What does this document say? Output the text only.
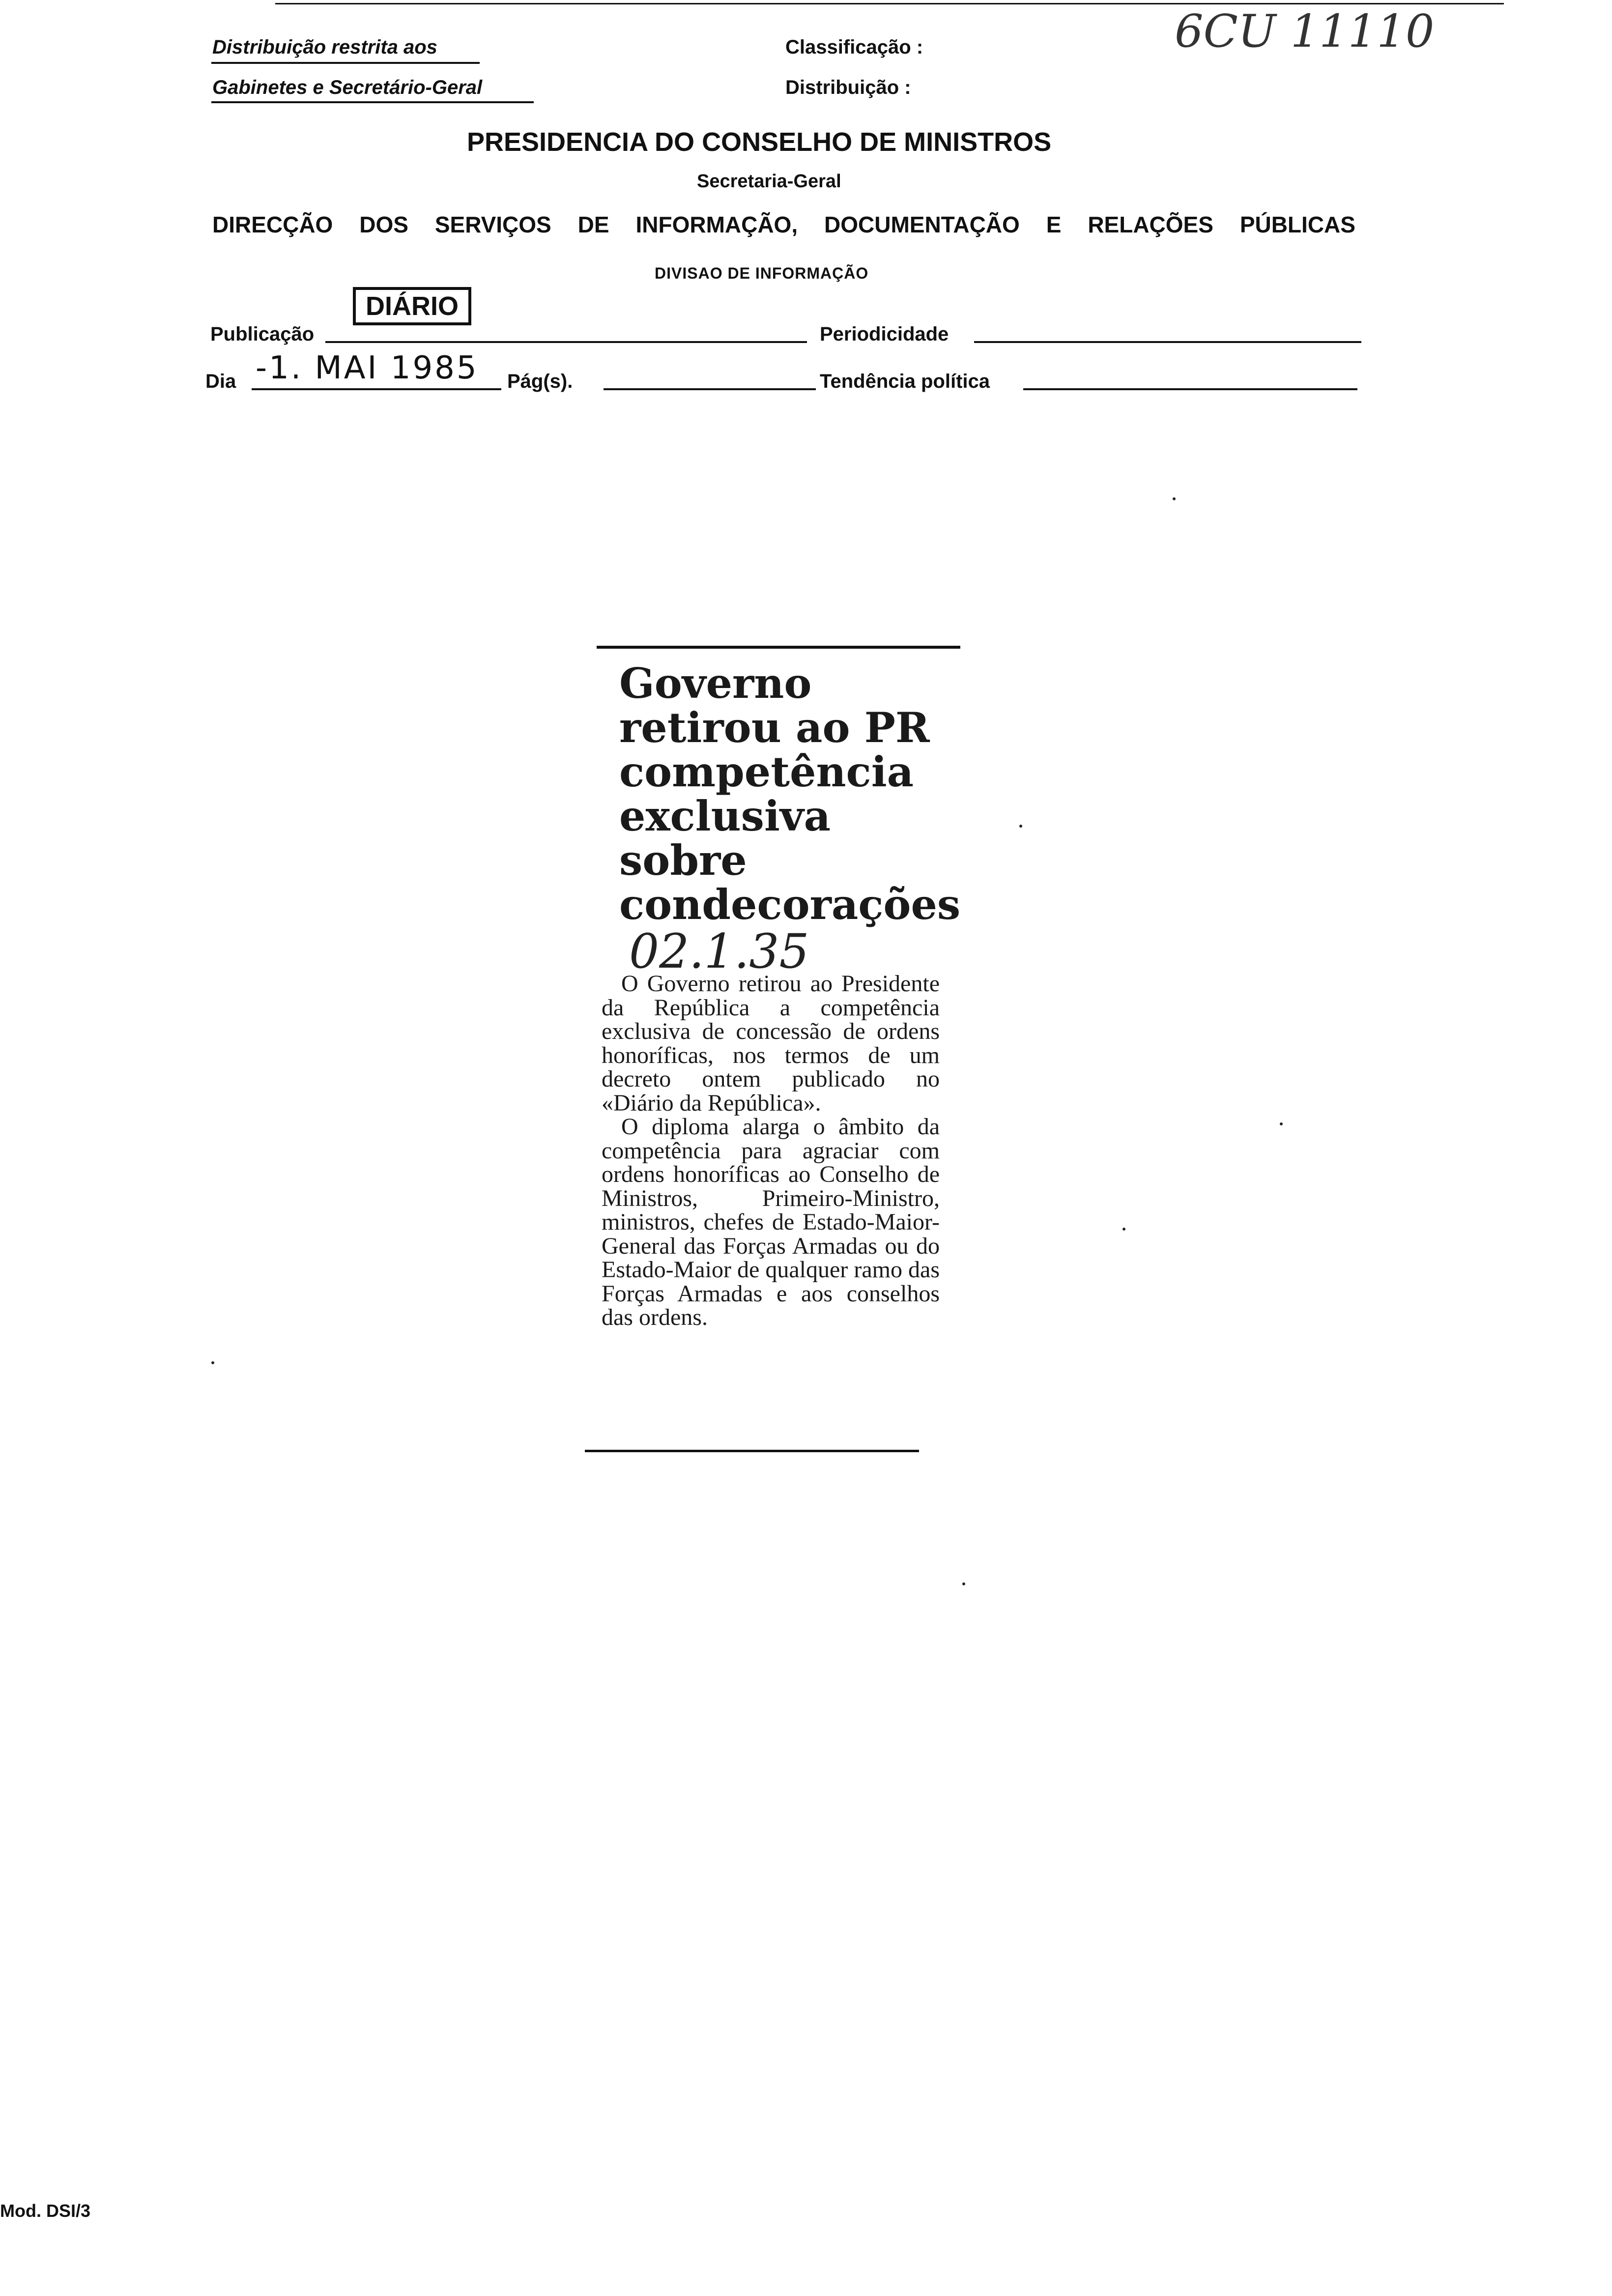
Distribuição restrita aos
Gabinetes e Secretário-Geral
Classificação :
Distribuição :
6CU 11110
PRESIDENCIA DO CONSELHO DE MINISTROS
Secretaria-Geral
DIRECÇÃO DOS SERVIÇOS DE INFORMAÇÃO, DOCUMENTAÇÃO E RELAÇÕES PÚBLICAS
DIVISAO DE INFORMAÇÃO
Publicação
DIÁRIO
Periodicidade
Dia -1. MAI 1985 Pág(s).	Tendência política
Governo
retirou ao PR
competência
exclusiva
sobre
condecorações
02.1.35

O Governo retirou ao Presidente da República a competência exclusiva de concessão de ordens honoríficas, nos termos de um decreto ontem publicado no «Diário da República».

O diploma alarga o âmbito da competência para agraciar com ordens honoríficas ao Conselho de Ministros, Primeiro-Ministro, ministros, chefes de Estado-Maior-General das Forças Armadas ou do Estado-Maior de qualquer ramo das Forças Armadas e aos conselhos das ordens.

Mod. DSI/3
